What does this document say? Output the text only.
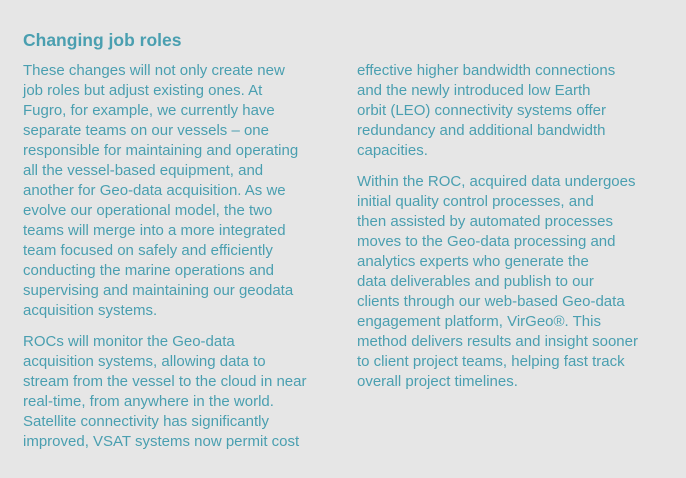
Changing job roles

These changes will not only create new
job roles but adjust existing ones. At
Fugro, for example, we currently have
separate teams on our vessels – one
responsible for maintaining and operating
all the vessel-based equipment, and
another for Geo-data acquisition. As we
evolve our operational model, the two
teams will merge into a more integrated
team focused on safely and efficiently
conducting the marine operations and
supervising and maintaining our geodata
acquisition systems.

ROCs will monitor the Geo-data
acquisition systems, allowing data to
stream from the vessel to the cloud in near
real-time, from anywhere in the world.
Satellite connectivity has significantly
improved, VSAT systems now permit cost

effective higher bandwidth connections
and the newly introduced low Earth
orbit (LEO) connectivity systems offer
redundancy and additional bandwidth
capacities.

Within the ROC, acquired data undergoes
initial quality control processes, and
then assisted by automated processes
moves to the Geo-data processing and
analytics experts who generate the
data deliverables and publish to our
clients through our web-based Geo-data
engagement platform, VirGeo®. This
method delivers results and insight sooner
to client project teams, helping fast track
overall project timelines.
